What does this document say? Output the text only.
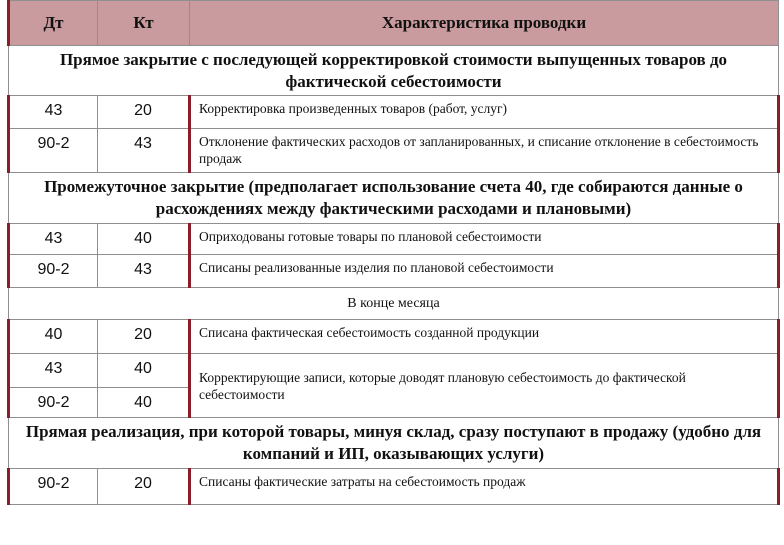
Дт	Кт	Характеристика проводки
Прямое закрытие с последующей корректировкой стоимости выпущенных товаров до фактической себестоимости		
43	20	Корректировка произведенных товаров (работ, услуг)
90-2	43	Отклонение фактических расходов от запланированных, и списание отклонение в себестоимость продаж
Промежуточное закрытие (предполагает использование счета 40, где собираются данные о расхождениях между фактическими расходами и плановыми)		
43	40	Оприходованы готовые товары по плановой себестоимости
90-2	43	Списаны реализованные изделия по плановой себестоимости
В конце месяца		
40	20	Списана фактическая себестоимость созданной продукции
43	40	Корректирующие записи, которые доводят плановую себестоимость до фактической себестоимости
90-2	40	
Прямая реализация, при которой товары, минуя склад, сразу поступают в продажу (удобно для компаний и ИП, оказывающих услуги)		
90-2	20	Списаны фактические затраты на себестоимость продаж
